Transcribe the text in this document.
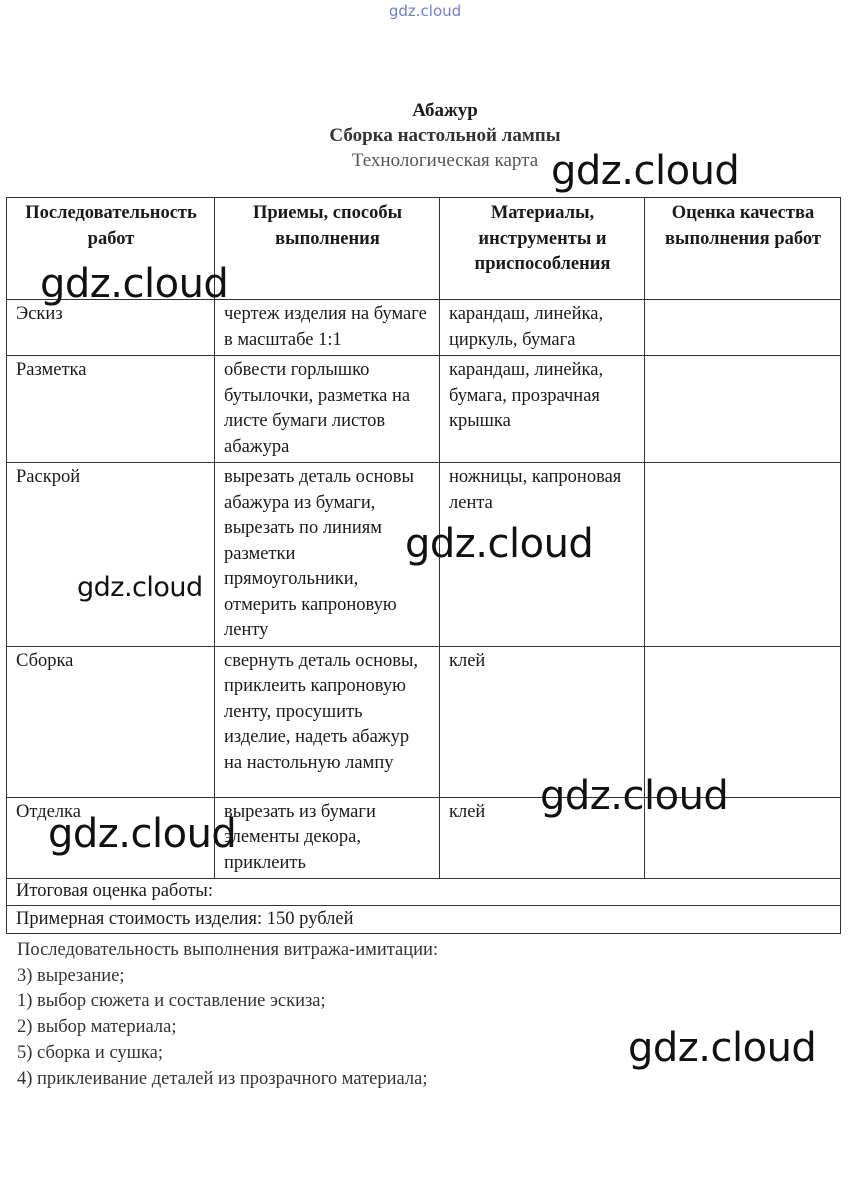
gdz.cloud
Абажур
Сборка настольной лампы
Технологическая карта
Последовательность работ	Приемы, способы выполнения	Материалы, инструменты и приспособления	Оценка качества выполнения работ
Эскиз	чертеж изделия на бумаге в масштабе 1:1	карандаш, линейка, циркуль, бумага	
Разметка	обвести горлышко бутылочки, разметка на листе бумаги листов абажура	карандаш, линейка, бумага, прозрачная крышка	
Раскрой	вырезать деталь основы абажура из бумаги, вырезать по линиям разметки прямоугольники, отмерить капроновую ленту	ножницы, капроновая лента	
Сборка	свернуть деталь основы, приклеить капроновую ленту, просушить изделие, надеть абажур на настольную лампу	клей	
Отделка	вырезать из бумаги элементы декора, приклеить	клей	
Итоговая оценка работы:			
Примерная стоимость изделия: 150 рублей			
Последовательность выполнения витража-имитации:
3) вырезание;
1) выбор сюжета и составление эскиза;
2) выбор материала;
5) сборка и сушка;
4) приклеивание деталей из прозрачного материала;
gdz.cloud
gdz.cloud
gdz.cloud
gdz.cloud
gdz.cloud
gdz.cloud
gdz.cloud
